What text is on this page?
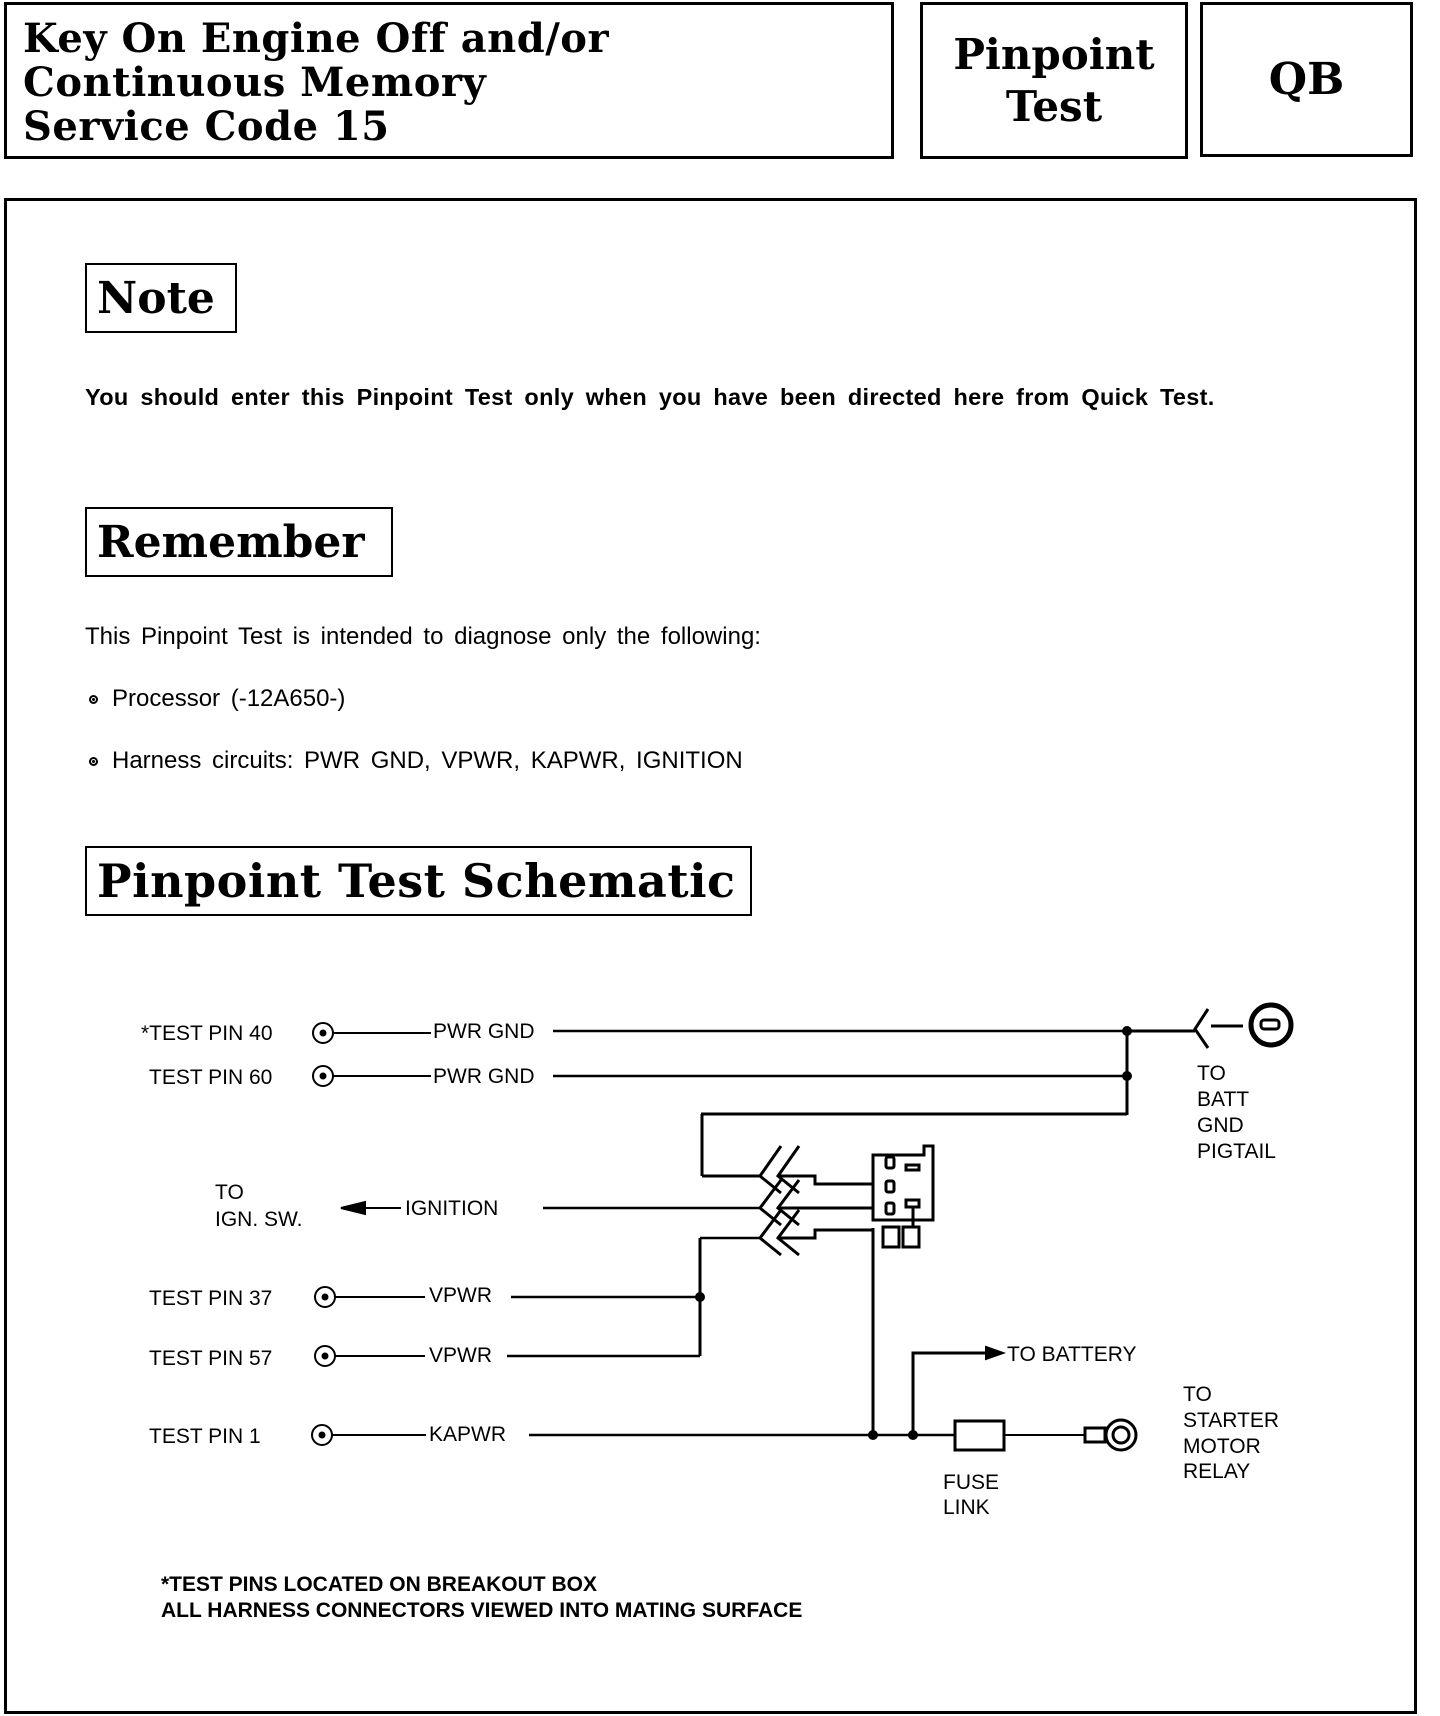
Key On Engine Off and/or
Continuous Memory
Service Code 15
Pinpoint
Test
QB
Note
You should enter this Pinpoint Test only when you have been directed here from Quick Test.
Remember
This Pinpoint Test is intended to diagnose only the following:
Processor (-12A650-)
Harness circuits: PWR GND, VPWR, KAPWR, IGNITION
Pinpoint Test Schematic
*TEST PIN 40	PWR GND
TEST PIN 60	PWR GND
TO
IGN. SW.	IGNITION
TEST PIN 37	VPWR
TEST PIN 57	VPWR
TEST PIN 1	KAPWR
TO
BATT
GND
PIGTAIL
TO BATTERY
TO
STARTER
MOTOR
RELAY
FUSE
LINK
*TEST PINS LOCATED ON BREAKOUT BOX
ALL HARNESS CONNECTORS VIEWED INTO MATING SURFACE
